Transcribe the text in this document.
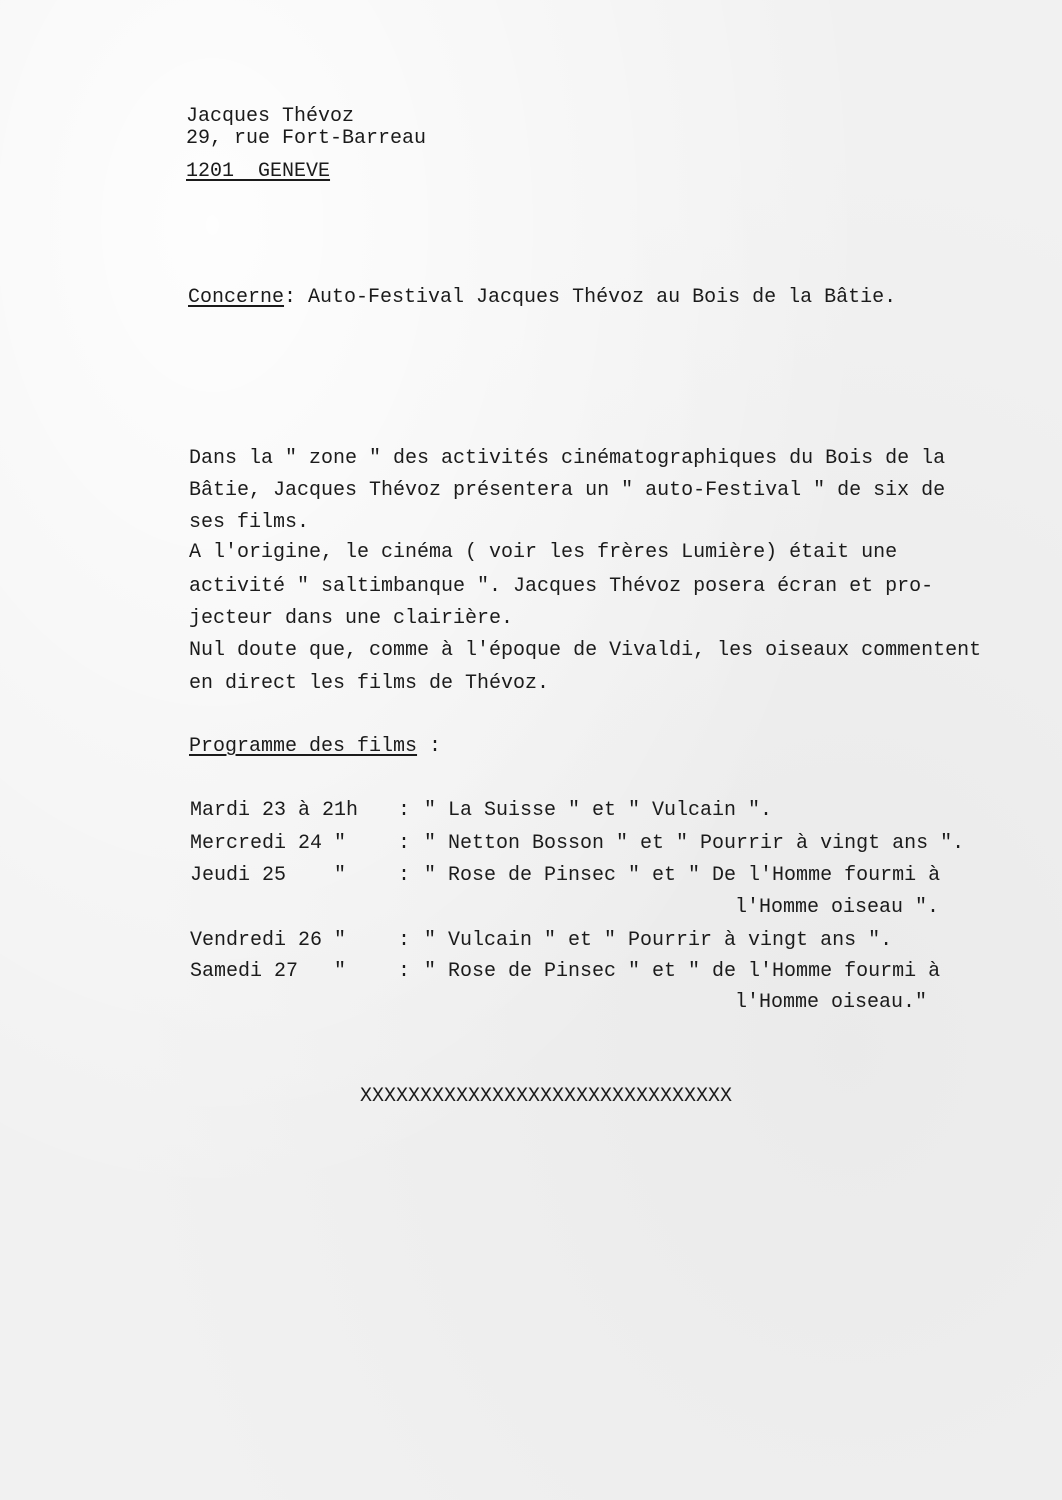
Jacques Thévoz
29, rue Fort-Barreau
1201  GENEVE
Concerne: Auto-Festival Jacques Thévoz au Bois de la Bâtie.
Dans la " zone " des activités cinématographiques du Bois de la
Bâtie, Jacques Thévoz présentera un " auto-Festival " de six de
ses films.
A l'origine, le cinéma ( voir les frères Lumière) était une
activité " saltimbanque ". Jacques Thévoz posera écran et pro-
jecteur dans une clairière.
Nul doute que, comme à l'époque de Vivaldi, les oiseaux commentent
en direct les films de Thévoz.
Programme des films :
Mardi 23 à 21h : " La Suisse " et " Vulcain ".
Mercredi 24 "	: " Netton Bosson " et " Pourrir à vingt ans ".
Jeudi 25    "	: " Rose de Pinsec " et " De l'Homme fourmi à
l'Homme oiseau ".
Vendredi 26 "	: " Vulcain " et " Pourrir à vingt ans ".
Samedi 27   "	: " Rose de Pinsec " et " de l'Homme fourmi à
l'Homme oiseau."
XXXXXXXXXXXXXXXXXXXXXXXXXXXXXXX
